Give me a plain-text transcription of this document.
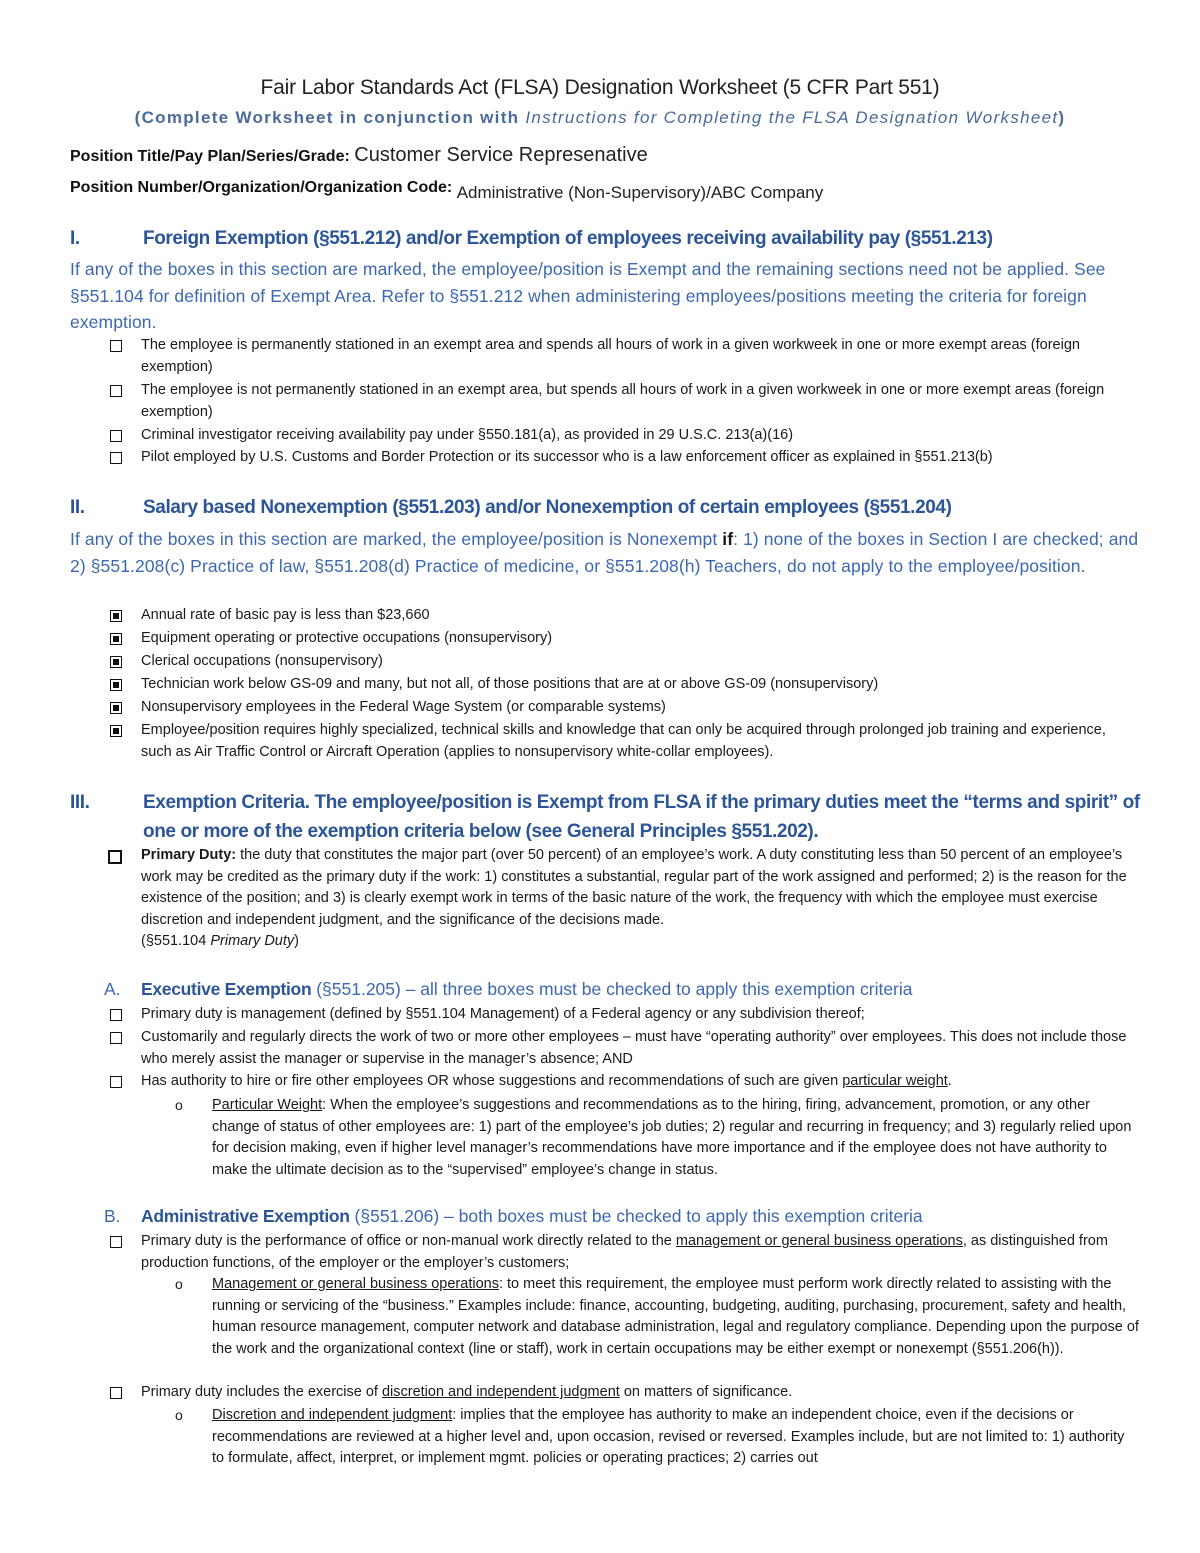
Fair Labor Standards Act (FLSA) Designation Worksheet (5 CFR Part 551)
(Complete Worksheet in conjunction with Instructions for Completing the FLSA Designation Worksheet)
Position Title/Pay Plan/Series/Grade: Customer Service Represenative
Position Number/Organization/Organization Code: Administrative (Non-Supervisory)/ABC Company
I.	Foreign Exemption (§551.212) and/or Exemption of employees receiving availability pay (§551.213)
If any of the boxes in this section are marked, the employee/position is Exempt and the remaining sections need not be applied. See §551.104 for definition of Exempt Area. Refer to §551.212 when administering employees/positions meeting the criteria for foreign exemption.
The employee is permanently stationed in an exempt area and spends all hours of work in a given workweek in one or more exempt areas (foreign exemption)
The employee is not permanently stationed in an exempt area, but spends all hours of work in a given workweek in one or more exempt areas (foreign exemption)
Criminal investigator receiving availability pay under §550.181(a), as provided in 29 U.S.C. 213(a)(16)
Pilot employed by U.S. Customs and Border Protection or its successor who is a law enforcement officer as explained in §551.213(b)
II.	Salary based Nonexemption (§551.203) and/or Nonexemption of certain employees (§551.204)
If any of the boxes in this section are marked, the employee/position is Nonexempt if: 1) none of the boxes in Section I are checked; and 2) §551.208(c) Practice of law, §551.208(d) Practice of medicine, or §551.208(h) Teachers, do not apply to the employee/position.
Annual rate of basic pay is less than $23,660
Equipment operating or protective occupations (nonsupervisory)
Clerical occupations (nonsupervisory)
Technician work below GS-09 and many, but not all, of those positions that are at or above GS-09 (nonsupervisory)
Nonsupervisory employees in the Federal Wage System (or comparable systems)
Employee/position requires highly specialized, technical skills and knowledge that can only be acquired through prolonged job training and experience, such as Air Traffic Control or Aircraft Operation (applies to nonsupervisory white-collar employees).
III.	Exemption Criteria. The employee/position is Exempt from FLSA if the primary duties meet the “terms and spirit” of one or more of the exemption criteria below (see General Principles §551.202).
Primary Duty: the duty that constitutes the major part (over 50 percent) of an employee’s work. A duty constituting less than 50 percent of an employee’s work may be credited as the primary duty if the work: 1) constitutes a substantial, regular part of the work assigned and performed; 2) is the reason for the existence of the position; and 3) is clearly exempt work in terms of the basic nature of the work, the frequency with which the employee must exercise discretion and independent judgment, and the significance of the decisions made.
(§551.104 Primary Duty)
A. Executive Exemption (§551.205) – all three boxes must be checked to apply this exemption criteria
Primary duty is management (defined by §551.104 Management) of a Federal agency or any subdivision thereof;
Customarily and regularly directs the work of two or more other employees – must have “operating authority” over employees. This does not include those who merely assist the manager or supervise in the manager’s absence; AND
Has authority to hire or fire other employees OR whose suggestions and recommendations of such are given particular weight.
o Particular Weight: When the employee’s suggestions and recommendations as to the hiring, firing, advancement, promotion, or any other change of status of other employees are: 1) part of the employee’s job duties; 2) regular and recurring in frequency; and 3) regularly relied upon for decision making, even if higher level manager’s recommendations have more importance and if the employee does not have authority to make the ultimate decision as to the “supervised” employee’s change in status.
B. Administrative Exemption (§551.206) – both boxes must be checked to apply this exemption criteria
Primary duty is the performance of office or non-manual work directly related to the management or general business operations, as distinguished from production functions, of the employer or the employer’s customers;
o Management or general business operations: to meet this requirement, the employee must perform work directly related to assisting with the running or servicing of the “business.” Examples include: finance, accounting, budgeting, auditing, purchasing, procurement, safety and health, human resource management, computer network and database administration, legal and regulatory compliance. Depending upon the purpose of the work and the organizational context (line or staff), work in certain occupations may be either exempt or nonexempt (§551.206(h)).
Primary duty includes the exercise of discretion and independent judgment on matters of significance.
o Discretion and independent judgment: implies that the employee has authority to make an independent choice, even if the decisions or recommendations are reviewed at a higher level and, upon occasion, revised or reversed. Examples include, but are not limited to: 1) authority to formulate, affect, interpret, or implement mgmt. policies or operating practices; 2) carries out
